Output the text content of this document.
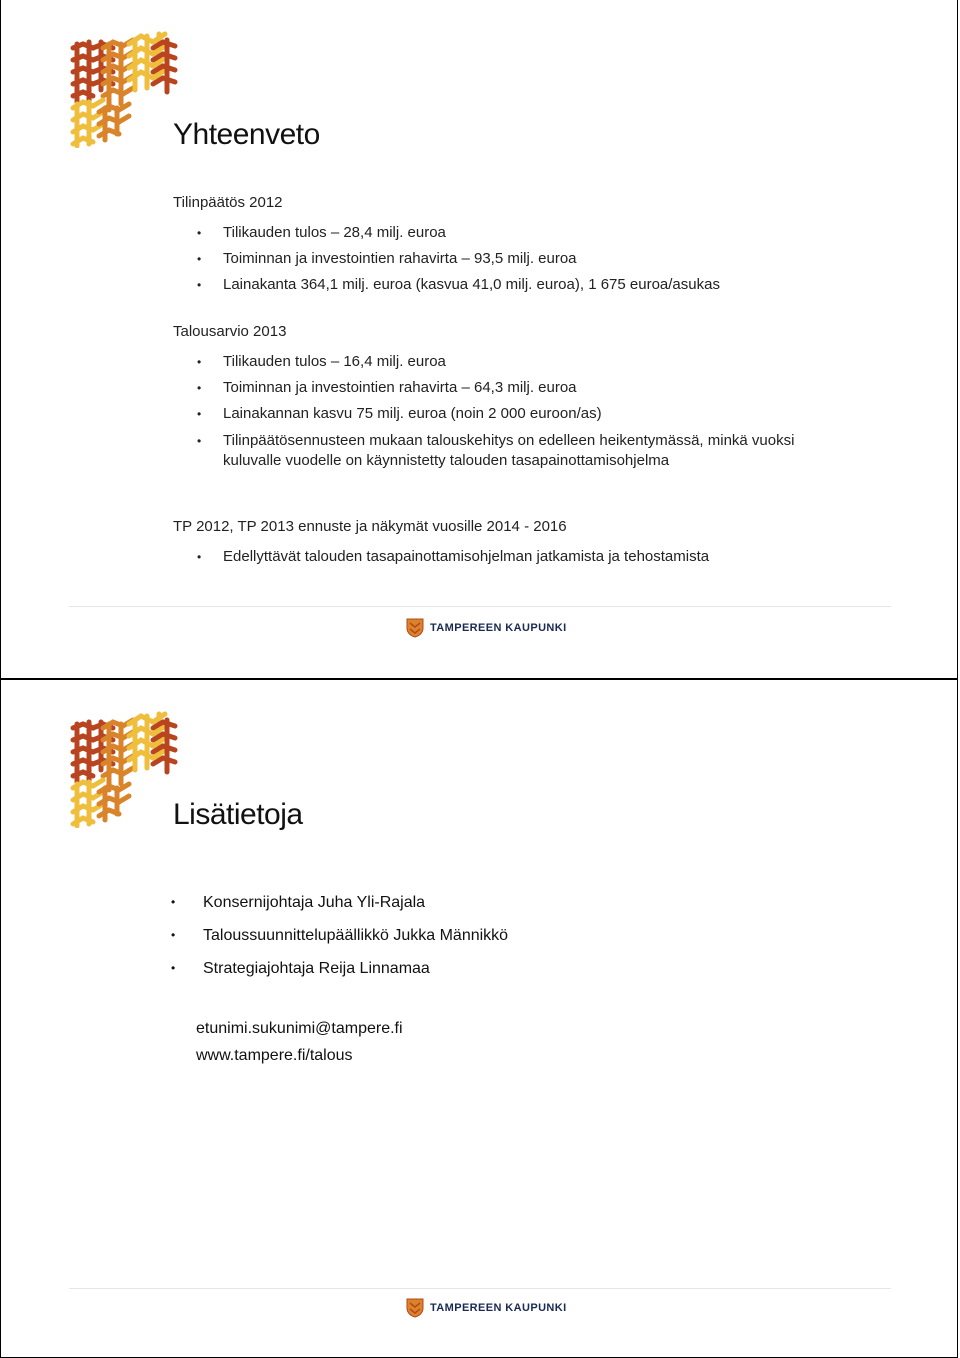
Yhteenveto
Tilinpäätös 2012
• Tilikauden tulos – 28,4 milj. euroa
• Toiminnan ja investointien rahavirta – 93,5 milj. euroa
• Lainakanta 364,1 milj. euroa (kasvua 41,0 milj. euroa), 1 675 euroa/asukas
Talousarvio 2013
• Tilikauden tulos – 16,4 milj. euroa
• Toiminnan ja investointien rahavirta – 64,3 milj. euroa
• Lainakannan kasvu 75 milj. euroa (noin 2 000 euroon/as)
• Tilinpäätösennusteen mukaan talouskehitys on edelleen heikentymässä, minkä vuoksi kuluvalle vuodelle on käynnistetty talouden tasapainottamisohjelma
TP 2012, TP 2013 ennuste ja näkymät vuosille 2014 - 2016
• Edellyttävät talouden tasapainottamisohjelman jatkamista ja tehostamista
TAMPEREEN KAUPUNKI
Lisätietoja
• Konsernijohtaja Juha Yli-Rajala
• Taloussuunnittelupäällikkö Jukka Männikkö
• Strategiajohtaja Reija Linnamaa
etunimi.sukunimi@tampere.fi
www.tampere.fi/talous
TAMPEREEN KAUPUNKI
